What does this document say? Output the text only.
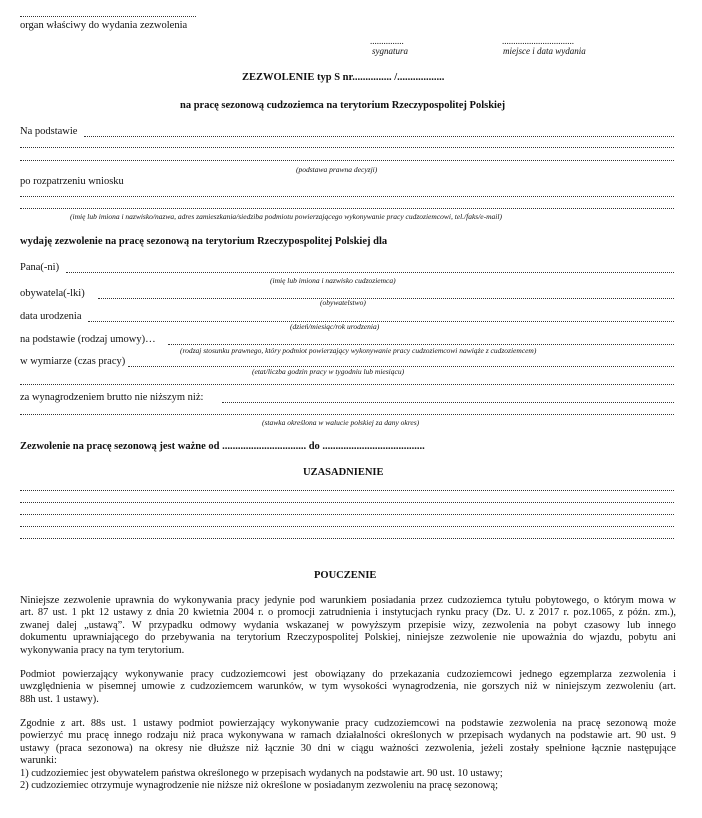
organ właściwy do wydania zezwolenia
...............
sygnatura
................................
miejsce i data wydania
ZEZWOLENIE typ S nr............... /..................
na pracę sezonową cudzoziemca na terytorium Rzeczypospolitej Polskiej
Na podstawie
(podstawa prawna decyzji)
po rozpatrzeniu wniosku
(imię lub imiona i nazwisko/nazwa, adres zamieszkania/siedziba podmiotu powierzającego wykonywanie pracy cudzoziemcowi, tel./faks/e-mail)
wydaję zezwolenie na pracę sezonową na terytorium Rzeczypospolitej Polskiej dla
Pana(-ni)
(imię lub imiona i nazwisko cudzoziemca)
obywatela(-lki)
(obywatelstwo)
data urodzenia
(dzień/miesiąc/rok urodzenia)
na podstawie (rodzaj umowy)…
(rodzaj stosunku prawnego, który podmiot powierzający wykonywanie pracy cudzoziemcowi nawiąże z cudzoziemcem)
w wymiarze (czas pracy)
(etat/liczba godzin pracy w tygodniu lub miesiącu)
za wynagrodzeniem brutto nie niższym niż:
(stawka określona w walucie polskiej za dany okres)
Zezwolenie na pracę sezonową jest ważne od ................................ do .......................................
UZASADNIENIE
POUCZENIE
Niniejsze zezwolenie uprawnia do wykonywania pracy jedynie pod warunkiem posiadania przez cudzoziemca tytułu pobytowego, o którym mowa w
art. 87 ust. 1 pkt 12 ustawy z dnia 20 kwietnia 2004 r. o promocji zatrudnienia i instytucjach rynku pracy (Dz. U. z 2017 r. poz.1065, z późn. zm.),
zwanej dalej „ustawą”. W przypadku odmowy wydania wskazanej w powyższym przepisie wizy, zezwolenia na pobyt czasowy lub innego
dokumentu uprawniającego do przebywania na terytorium Rzeczypospolitej Polskiej, niniejsze zezwolenie nie upoważnia do wjazdu, pobytu ani
wykonywania pracy na tym terytorium.
Podmiot powierzający wykonywanie pracy cudzoziemcowi jest obowiązany do przekazania cudzoziemcowi jednego egzemplarza zezwolenia i
uwzględnienia w pisemnej umowie z cudzoziemcem warunków, w tym wysokości wynagrodzenia, nie gorszych niż w niniejszym zezwoleniu (art.
88h ust. 1 ustawy).
Zgodnie z art. 88s ust. 1 ustawy podmiot powierzający wykonywanie pracy cudzoziemcowi na podstawie zezwolenia na pracę sezonową może
powierzyć mu pracę innego rodzaju niż praca wykonywana w ramach działalności określonych w przepisach wydanych na podstawie art. 90 ust. 9
ustawy (praca sezonowa) na okresy nie dłuższe niż łącznie 30 dni w ciągu ważności zezwolenia, jeżeli zostały spełnione łącznie następujące
warunki:
1) cudzoziemiec jest obywatelem państwa określonego w przepisach wydanych na podstawie art. 90 ust. 10 ustawy;
2) cudzoziemiec otrzymuje wynagrodzenie nie niższe niż określone w posiadanym zezwoleniu na pracę sezonową;
